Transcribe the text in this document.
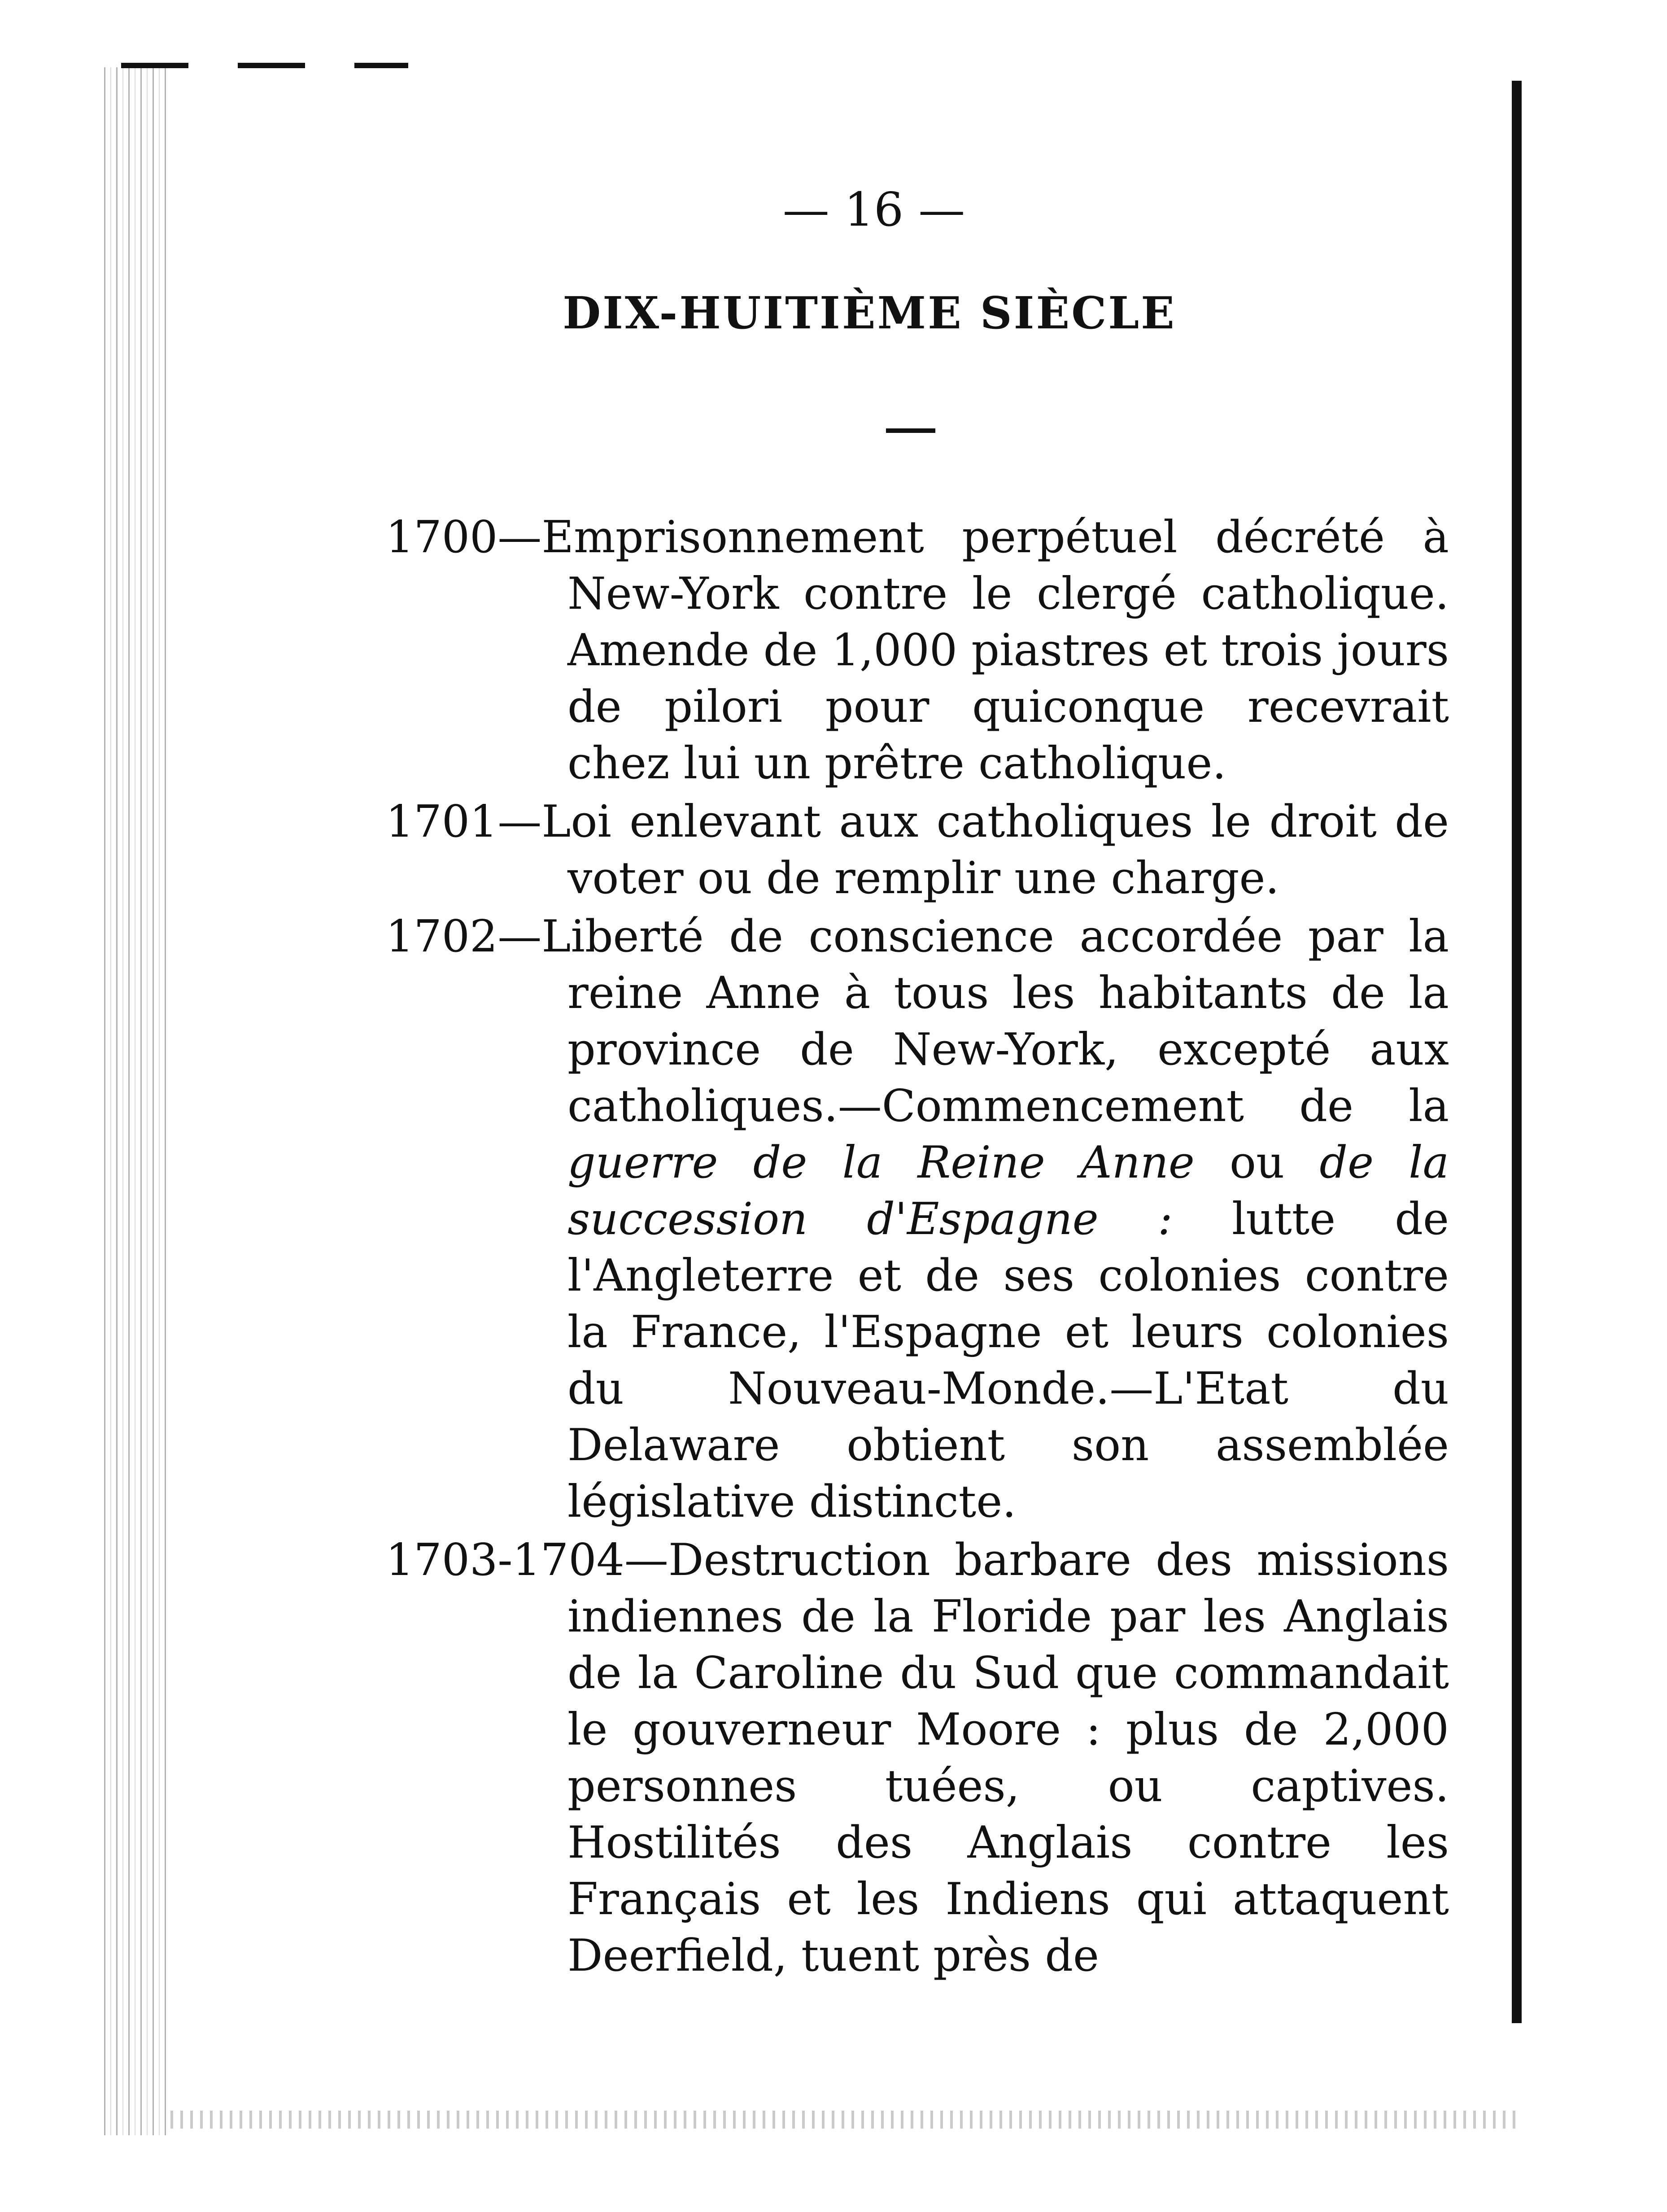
— 16 —
DIX-HUITIÈME SIÈCLE

1700—Emprisonnement perpétuel décrété à New-York contre le clergé catholique. Amende de 1,000 piastres et trois jours de pilori pour quiconque recevrait chez lui un prêtre catholique.

1701—Loi enlevant aux catholiques le droit de voter ou de remplir une charge.

1702—Liberté de conscience accordée par la reine Anne à tous les habitants de la province de New-York, excepté aux catholiques.—Commencement de la guerre de la Reine Anne ou de la succession d'Espagne : lutte de l'Angleterre et de ses colonies contre la France, l'Espagne et leurs colonies du Nouveau-Monde.—L'Etat du Delaware obtient son assemblée législative distincte.

1703-1704—Destruction barbare des missions indiennes de la Floride par les Anglais de la Caroline du Sud que commandait le gouverneur Moore : plus de 2,000 personnes tuées, ou captives. Hostilités des Anglais contre les Français et les Indiens qui attaquent Deerfield, tuent près de
